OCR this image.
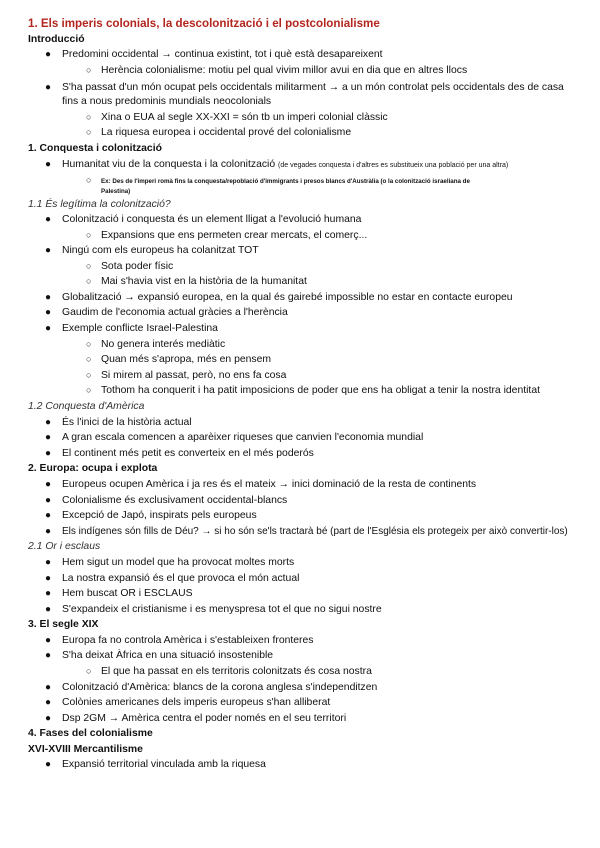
1. Els imperis colonials, la descolonització i el postcolonialisme
Introducció
● Predomini occidental → continua existint, tot i què està desapareixent
○ Herència colonialisme: motiu pel qual vivim millor avui en dia que en altres llocs
● S'ha passat d'un món ocupat pels occidentals militarment → a un món controlat pels occidentals des de casa
fins a nous predominis mundials neocolonials
○ Xina o EUA al segle XX-XXI = són tb un imperi colonial clàssic
○ La riquesa europea i occidental prové del colonialisme
1. Conquesta i colonització
● Humanitat viu de la conquesta i la colonització (de vegades conquesta i d'altres es substitueix una població per una altra)
○ Ex: Des de l'imperi romà fins la conquesta/repoblació d'immigrants i presos blancs d'Austràlia (o la colonització israeliana de
Palestina)
1.1 És legítima la colonització?
● Colonització i conquesta és un element lligat a l'evolució humana
○ Expansions que ens permeten crear mercats, el comerç...
● Ningú com els europeus ha colanitzat TOT
○ Sota poder físic
○ Mai s'havia vist en la història de la humanitat
● Globalització → expansió europea, en la qual és gairebé impossible no estar en contacte europeu
● Gaudim de l'economia actual gràcies a l'herència
● Exemple conflicte Israel-Palestina
○ No genera interés mediàtic
○ Quan més s'apropa, més en pensem
○ Si mirem al passat, però, no ens fa cosa
○ Tothom ha conquerit i ha patit imposicions de poder que ens ha obligat a tenir la nostra identitat
1.2 Conquesta d'Amèrica
● És l'inici de la història actual
● A gran escala comencen a aparèixer riqueses que canvien l'economia mundial
● El continent més petit es converteix en el més poderós
2. Europa: ocupa i explota
● Europeus ocupen Amèrica i ja res és el mateix → inici dominació de la resta de continents
● Colonialisme és exclusivament occidental-blancs
● Excepció de Japó, inspirats pels europeus
● Els indígenes són fills de Déu? → si ho són se'ls tractarà bé (part de l'Església els protegeix per això convertir-los)
2.1 Or i esclaus
● Hem sigut un model que ha provocat moltes morts
● La nostra expansió és el que provoca el món actual
● Hem buscat OR i ESCLAUS
● S'expandeix el cristianisme i es menyspresa tot el que no sigui nostre
3. El segle XIX
● Europa fa no controla Amèrica i s'estableixen fronteres
● S'ha deixat Àfrica en una situació insostenible
○ El que ha passat en els territoris colonitzats és cosa nostra
● Colonització d'Amèrica: blancs de la corona anglesa s'independitzen
● Colònies americanes dels imperis europeus s'han alliberat
● Dsp 2GM → Amèrica centra el poder només en el seu territori
4. Fases del colonialisme
XVI-XVIII Mercantilisme
● Expansió territorial vinculada amb la riquesa
